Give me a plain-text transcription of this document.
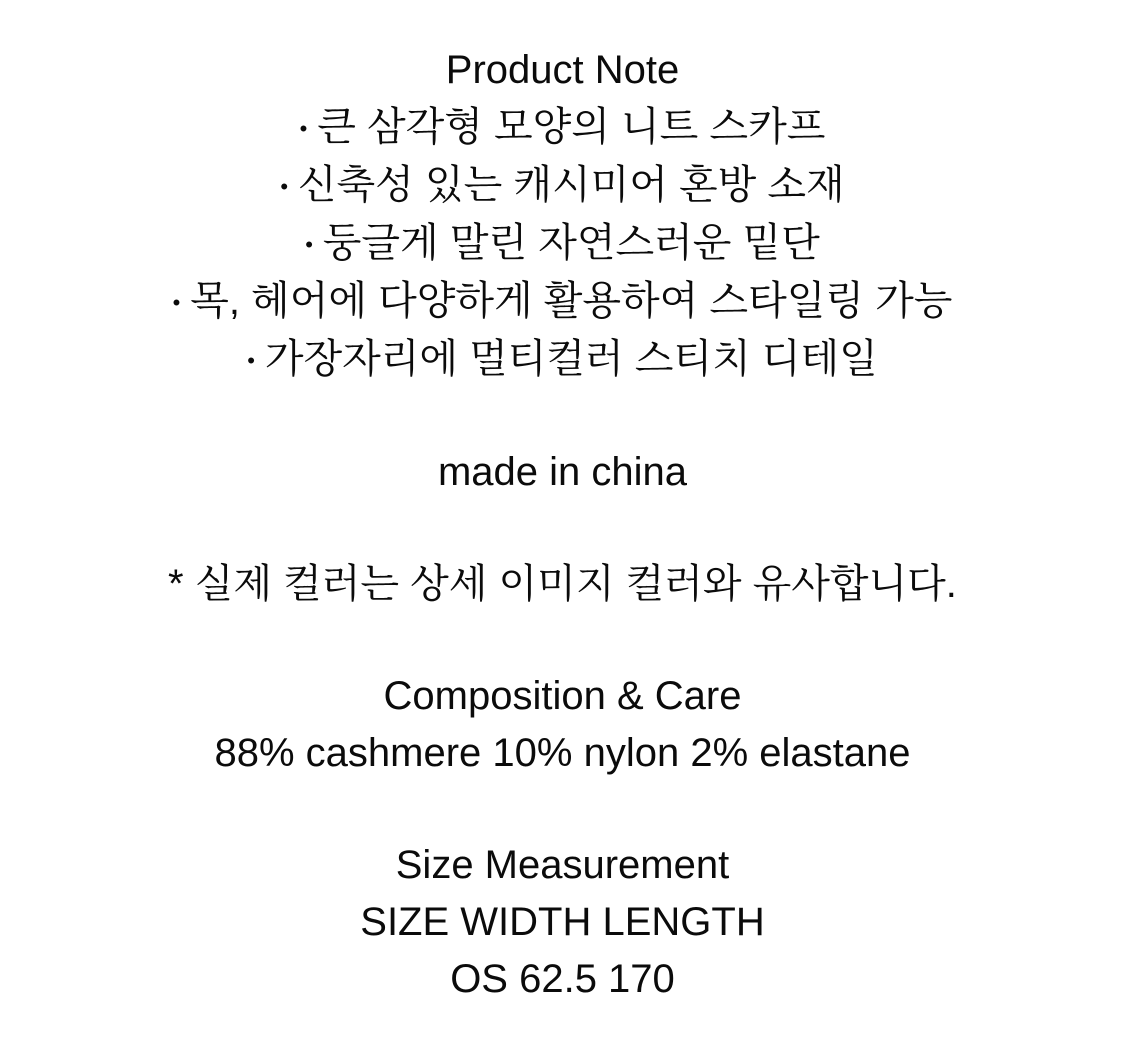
Product Note
• 큰 삼각형 모양의 니트 스카프
• 신축성 있는 캐시미어 혼방 소재
• 둥글게 말린 자연스러운 밑단
• 목, 헤어에 다양하게 활용하여 스타일링 가능
• 가장자리에 멀티컬러 스티치 디테일

made in china

* 실제 컬러는 상세 이미지 컬러와 유사합니다.

Composition & Care

88% cashmere 10% nylon 2% elastane

Size Measurement

SIZE WIDTH LENGTH

OS 62.5 170
